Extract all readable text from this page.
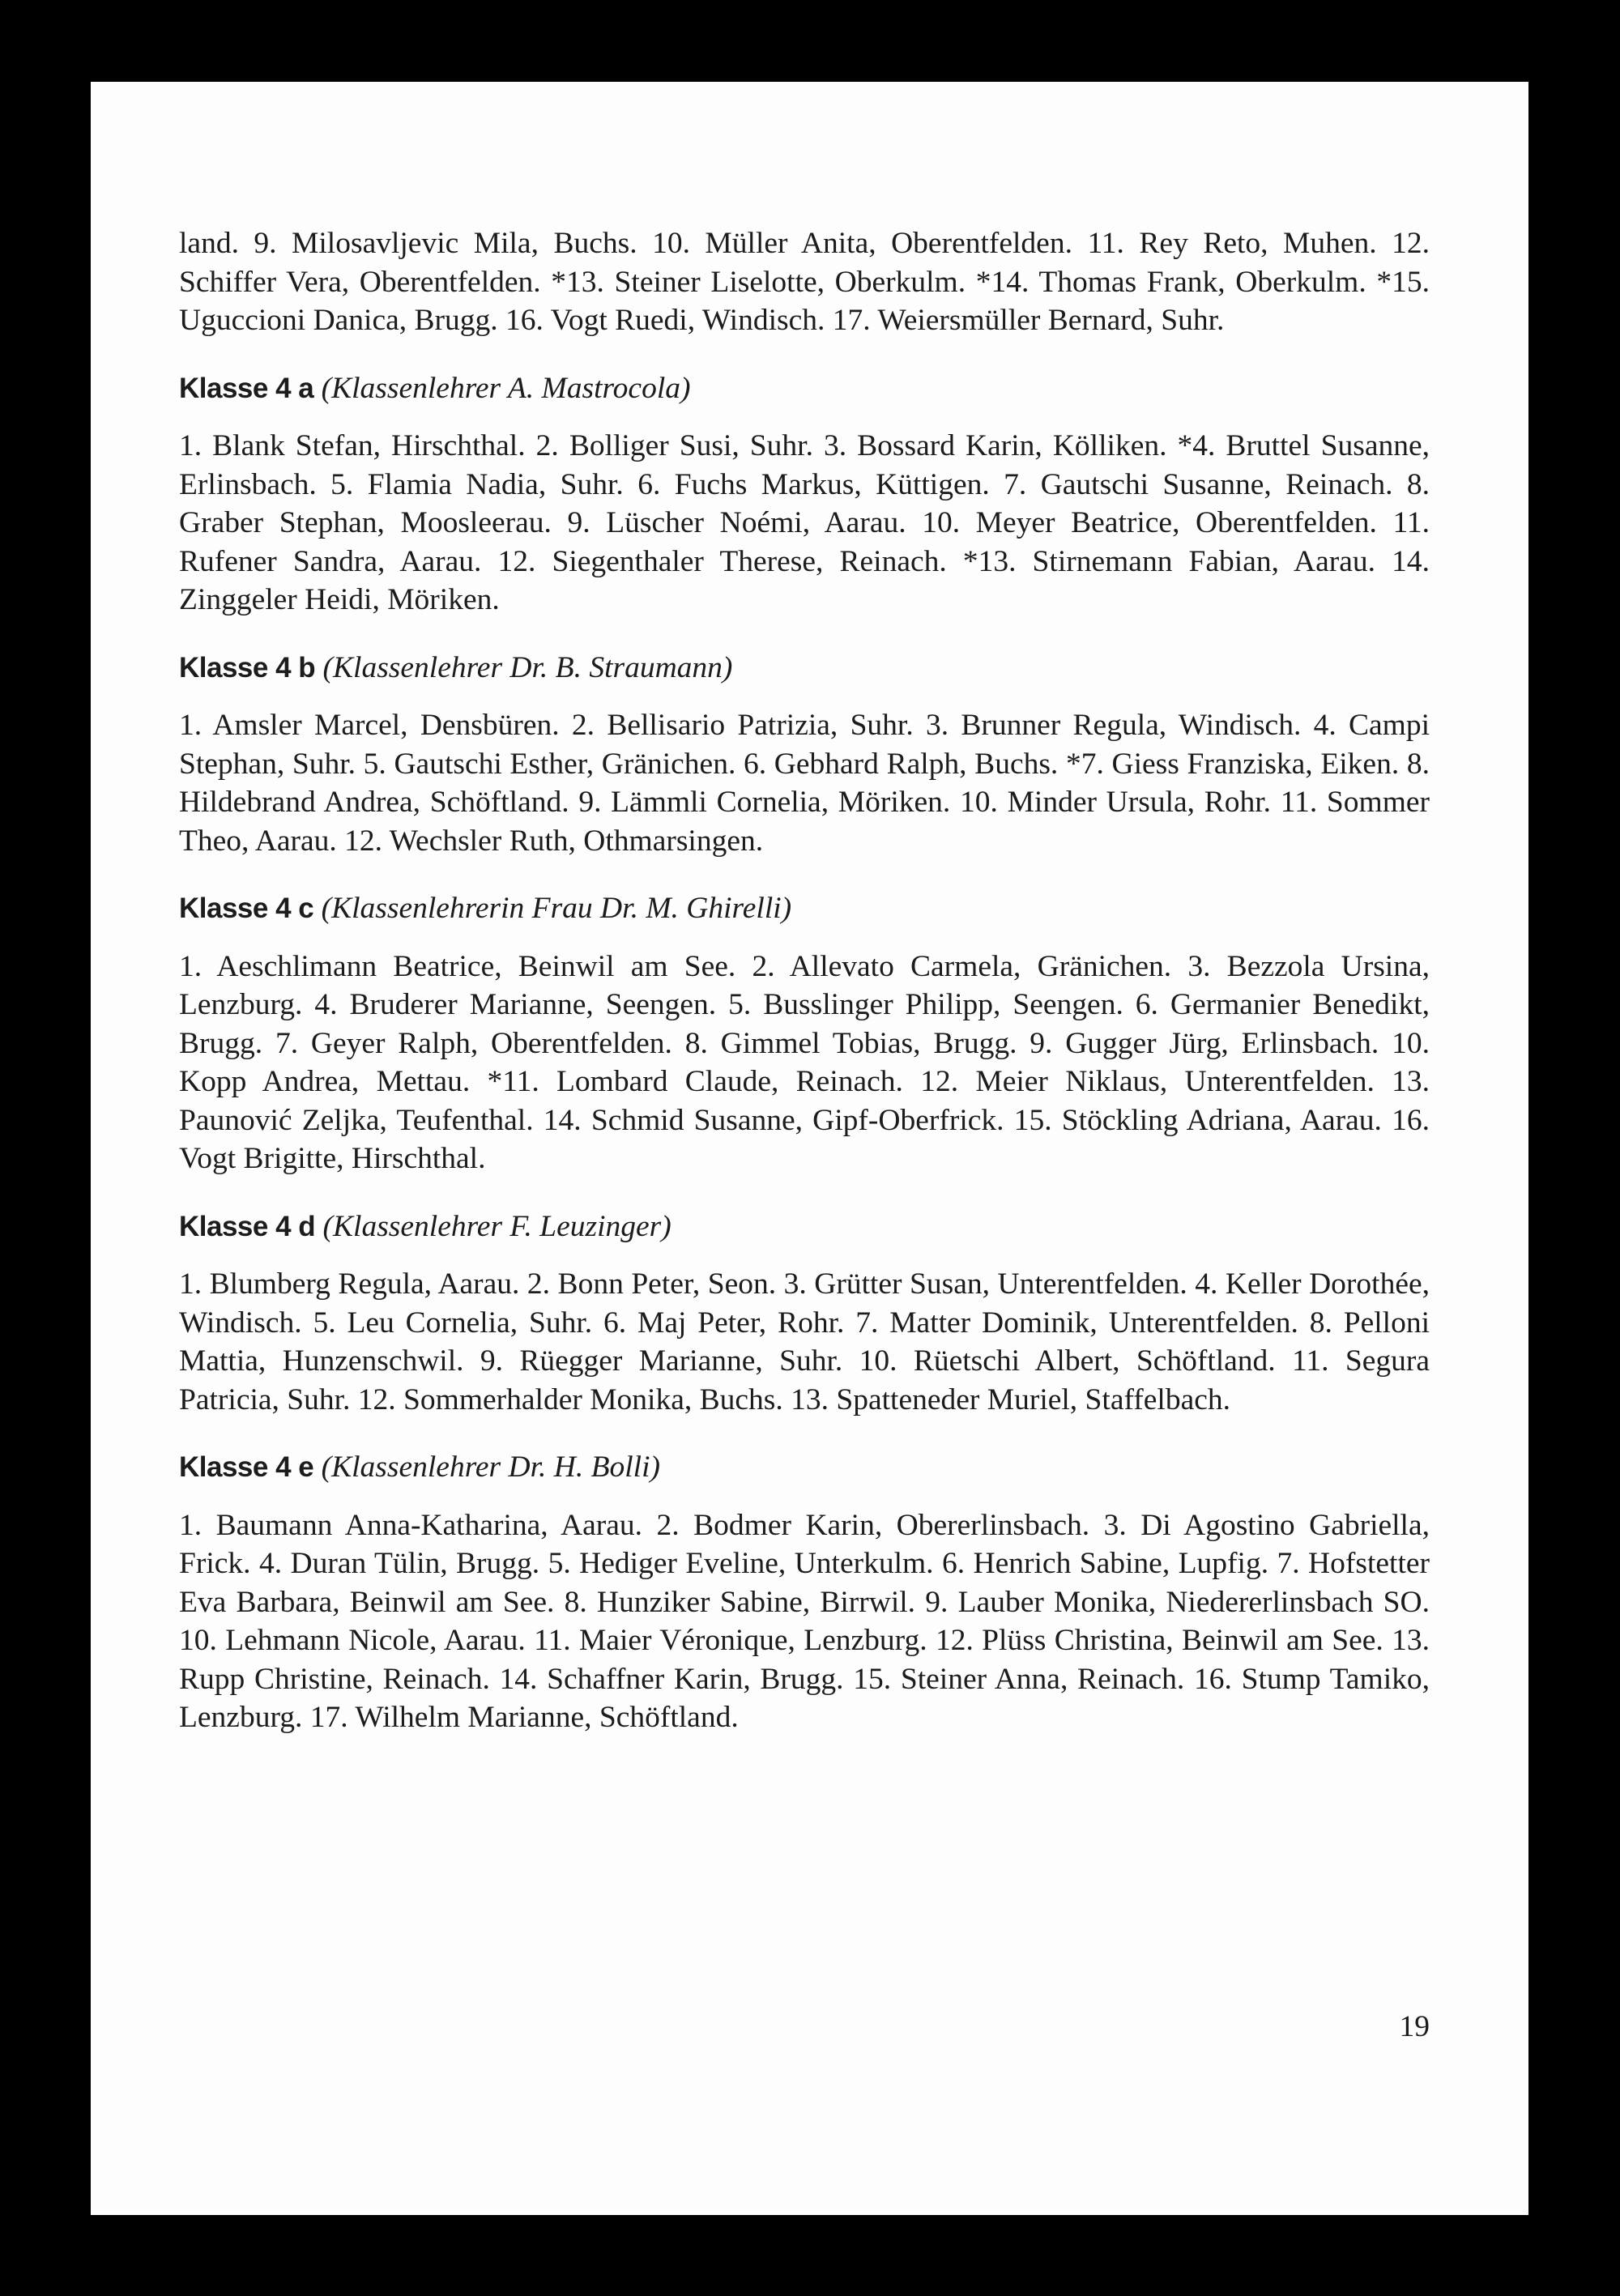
land. 9. Milosavljevic Mila, Buchs. 10. Müller Anita, Oberentfelden. 11. Rey Reto, Muhen. 12. Schiffer Vera, Oberentfelden. *13. Steiner Liselotte, Oberkulm. *14. Thomas Frank, Oberkulm. *15. Uguccioni Danica, Brugg. 16. Vogt Ruedi, Windisch. 17. Weiersmüller Bernard, Suhr.

Klasse 4 a (Klassenlehrer A. Mastrocola)

1. Blank Stefan, Hirschthal. 2. Bolliger Susi, Suhr. 3. Bossard Karin, Kölliken. *4. Bruttel Susanne, Erlinsbach. 5. Flamia Nadia, Suhr. 6. Fuchs Markus, Küttigen. 7. Gautschi Susanne, Reinach. 8. Graber Stephan, Moosleerau. 9. Lüscher Noémi, Aarau. 10. Meyer Beatrice, Oberentfelden. 11. Rufener Sandra, Aarau. 12. Siegenthaler Therese, Reinach. *13. Stirnemann Fabian, Aarau. 14. Zinggeler Heidi, Möriken.

Klasse 4 b (Klassenlehrer Dr. B. Straumann)

1. Amsler Marcel, Densbüren. 2. Bellisario Patrizia, Suhr. 3. Brunner Regula, Windisch. 4. Campi Stephan, Suhr. 5. Gautschi Esther, Gränichen. 6. Gebhard Ralph, Buchs. *7. Giess Franziska, Eiken. 8. Hildebrand Andrea, Schöftland. 9. Lämmli Cornelia, Möriken. 10. Minder Ursula, Rohr. 11. Sommer Theo, Aarau. 12. Wechsler Ruth, Othmarsingen.

Klasse 4 c (Klassenlehrerin Frau Dr. M. Ghirelli)

1. Aeschlimann Beatrice, Beinwil am See. 2. Allevato Carmela, Gränichen. 3. Bezzola Ursina, Lenzburg. 4. Bruderer Marianne, Seengen. 5. Busslinger Philipp, Seengen. 6. Germanier Benedikt, Brugg. 7. Geyer Ralph, Oberentfelden. 8. Gimmel Tobias, Brugg. 9. Gugger Jürg, Erlinsbach. 10. Kopp Andrea, Mettau. *11. Lombard Claude, Reinach. 12. Meier Niklaus, Unterentfelden. 13. Paunović Zeljka, Teufenthal. 14. Schmid Susanne, Gipf-Oberfrick. 15. Stöckling Adriana, Aarau. 16. Vogt Brigitte, Hirschthal.

Klasse 4 d (Klassenlehrer F. Leuzinger)

1. Blumberg Regula, Aarau. 2. Bonn Peter, Seon. 3. Grütter Susan, Unterentfelden. 4. Keller Dorothée, Windisch. 5. Leu Cornelia, Suhr. 6. Maj Peter, Rohr. 7. Matter Dominik, Unterentfelden. 8. Pelloni Mattia, Hunzenschwil. 9. Rüegger Marianne, Suhr. 10. Rüetschi Albert, Schöftland. 11. Segura Patricia, Suhr. 12. Sommerhalder Monika, Buchs. 13. Spatteneder Muriel, Staffelbach.

Klasse 4 e (Klassenlehrer Dr. H. Bolli)

1. Baumann Anna-Katharina, Aarau. 2. Bodmer Karin, Obererlinsbach. 3. Di Agostino Gabriella, Frick. 4. Duran Tülin, Brugg. 5. Hediger Eveline, Unterkulm. 6. Henrich Sabine, Lupfig. 7. Hofstetter Eva Barbara, Beinwil am See. 8. Hunziker Sabine, Birrwil. 9. Lauber Monika, Niedererlinsbach SO. 10. Lehmann Nicole, Aarau. 11. Maier Véronique, Lenzburg. 12. Plüss Christina, Beinwil am See. 13. Rupp Christine, Reinach. 14. Schaffner Karin, Brugg. 15. Steiner Anna, Reinach. 16. Stump Tamiko, Lenzburg. 17. Wilhelm Marianne, Schöftland.

19
